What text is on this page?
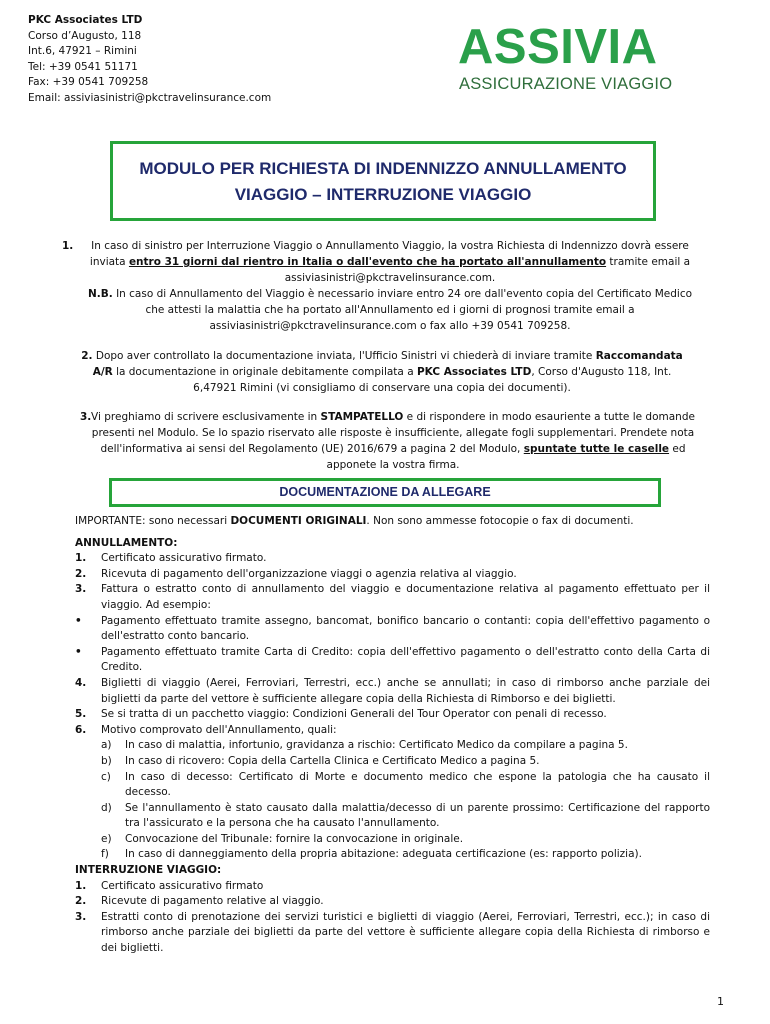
PKC Associates LTD
Corso d’Augusto, 118
Int.6, 47921 – Rimini
Tel: +39 0541 51171
Fax: +39 0541 709258
Email: assiviasinistri@pkctravelinsurance.com
ASSIVIA
ASSICURAZIONE VIAGGIO
MODULO PER RICHIESTA DI INDENNIZZO ANNULLAMENTO
VIAGGIO – INTERRUZIONE VIAGGIO
1.	In caso di sinistro per Interruzione Viaggio o Annullamento Viaggio, la vostra Richiesta di Indennizzo dovrà essere inviata entro 31 giorni dal rientro in Italia o dall'evento che ha portato all'annullamento tramite email a assiviasinistri@pkctravelinsurance.com.
N.B. In caso di Annullamento del Viaggio è necessario inviare entro 24 ore dall'evento copia del Certificato Medico che attesti la malattia che ha portato all'Annullamento ed i giorni di prognosi tramite email a assiviasinistri@pkctravelinsurance.com o fax allo +39 0541 709258.
2. Dopo aver controllato la documentazione inviata, l'Ufficio Sinistri vi chiederà di inviare tramite Raccomandata A/R la documentazione in originale debitamente compilata a PKC Associates LTD, Corso d'Augusto 118, Int. 6,47921 Rimini (vi consigliamo di conservare una copia dei documenti).
3. Vi preghiamo di scrivere esclusivamente in STAMPATELLO e di rispondere in modo esauriente a tutte le domande presenti nel Modulo. Se lo spazio riservato alle risposte è insufficiente, allegate fogli supplementari. Prendete nota dell'informativa ai sensi del Regolamento (UE) 2016/679 a pagina 2 del Modulo, spuntate tutte le caselle ed apponete la vostra firma.
DOCUMENTAZIONE DA ALLEGARE

IMPORTANTE: sono necessari DOCUMENTI ORIGINALI. Non sono ammesse fotocopie o fax di documenti.

ANNULLAMENTO:

1. Certificato assicurativo firmato.
2. Ricevuta di pagamento dell'organizzazione viaggi o agenzia relativa al viaggio.
3. Fattura o estratto conto di annullamento del viaggio e documentazione relativa al pagamento effettuato per il viaggio. Ad esempio:
• Pagamento effettuato tramite assegno, bancomat, bonifico bancario o contanti: copia dell'effettivo pagamento o dell'estratto conto bancario.
• Pagamento effettuato tramite Carta di Credito: copia dell'effettivo pagamento o dell'estratto conto della Carta di Credito.
4. Biglietti di viaggio (Aerei, Ferroviari, Terrestri, ecc.) anche se annullati; in caso di rimborso anche parziale dei biglietti da parte del vettore è sufficiente allegare copia della Richiesta di Rimborso e dei biglietti.
5. Se si tratta di un pacchetto viaggio: Condizioni Generali del Tour Operator con penali di recesso.
6. Motivo comprovato dell'Annullamento, quali:
a) In caso di malattia, infortunio, gravidanza a rischio: Certificato Medico da compilare a pagina 5.
b) In caso di ricovero: Copia della Cartella Clinica e Certificato Medico a pagina 5.
c) In caso di decesso: Certificato di Morte e documento medico che espone la patologia che ha causato il decesso.
d) Se l'annullamento è stato causato dalla malattia/decesso di un parente prossimo: Certificazione del rapporto tra l'assicurato e la persona che ha causato l'annullamento.
e) Convocazione del Tribunale: fornire la convocazione in originale.
f) In caso di danneggiamento della propria abitazione: adeguata certificazione (es: rapporto polizia).

INTERRUZIONE VIAGGIO:

1. Certificato assicurativo firmato
2. Ricevute di pagamento relative al viaggio.
3. Estratti conto di prenotazione dei servizi turistici e biglietti di viaggio (Aerei, Ferroviari, Terrestri, ecc.); in caso di rimborso anche parziale dei biglietti da parte del vettore è sufficiente allegare copia della Richiesta di rimborso e dei biglietti.
1
